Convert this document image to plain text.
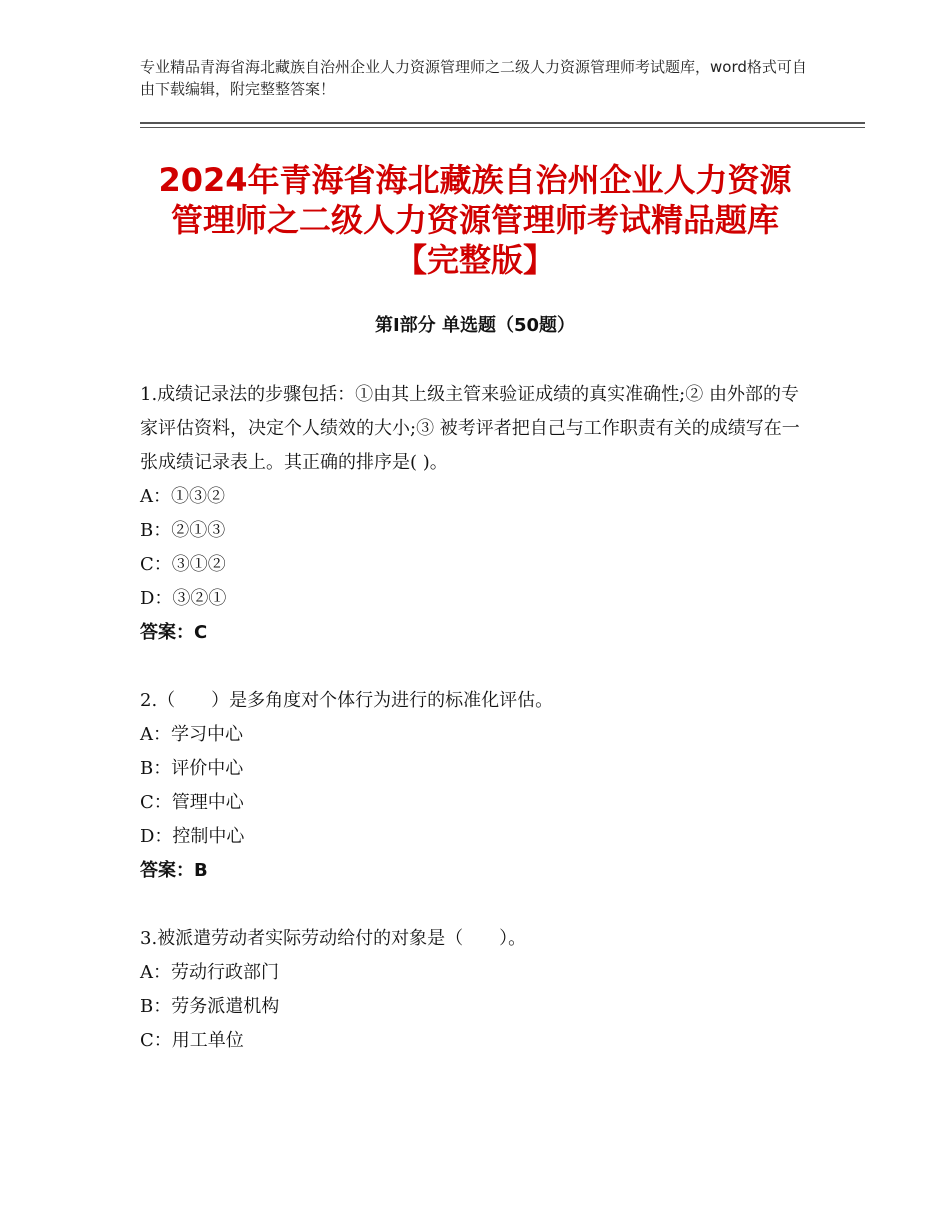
专业精品青海省海北藏族自治州企业人力资源管理师之二级人力资源管理师考试题库，word格式可自由下载编辑，附完整整答案！
2024年青海省海北藏族自治州企业人力资源
管理师之二级人力资源管理师考试精品题库
【完整版】
第Ⅰ部分 单选题（50题）

1.成绩记录法的步骤包括：①由其上级主管来验证成绩的真实准确性;② 由外部的专家评估资料，决定个人绩效的大小;③ 被考评者把自己与工作职责有关的成绩写在一张成绩记录表上。其正确的排序是( )。

A：①③②

B：②①③

C：③①②

D：③②①

答案：C

2.（　　）是多角度对个体行为进行的标准化评估。

A：学习中心

B：评价中心

C：管理中心

D：控制中心

答案：B

3.被派遣劳动者实际劳动给付的对象是（　　）。

A：劳动行政部门

B：劳务派遣机构

C：用工单位
